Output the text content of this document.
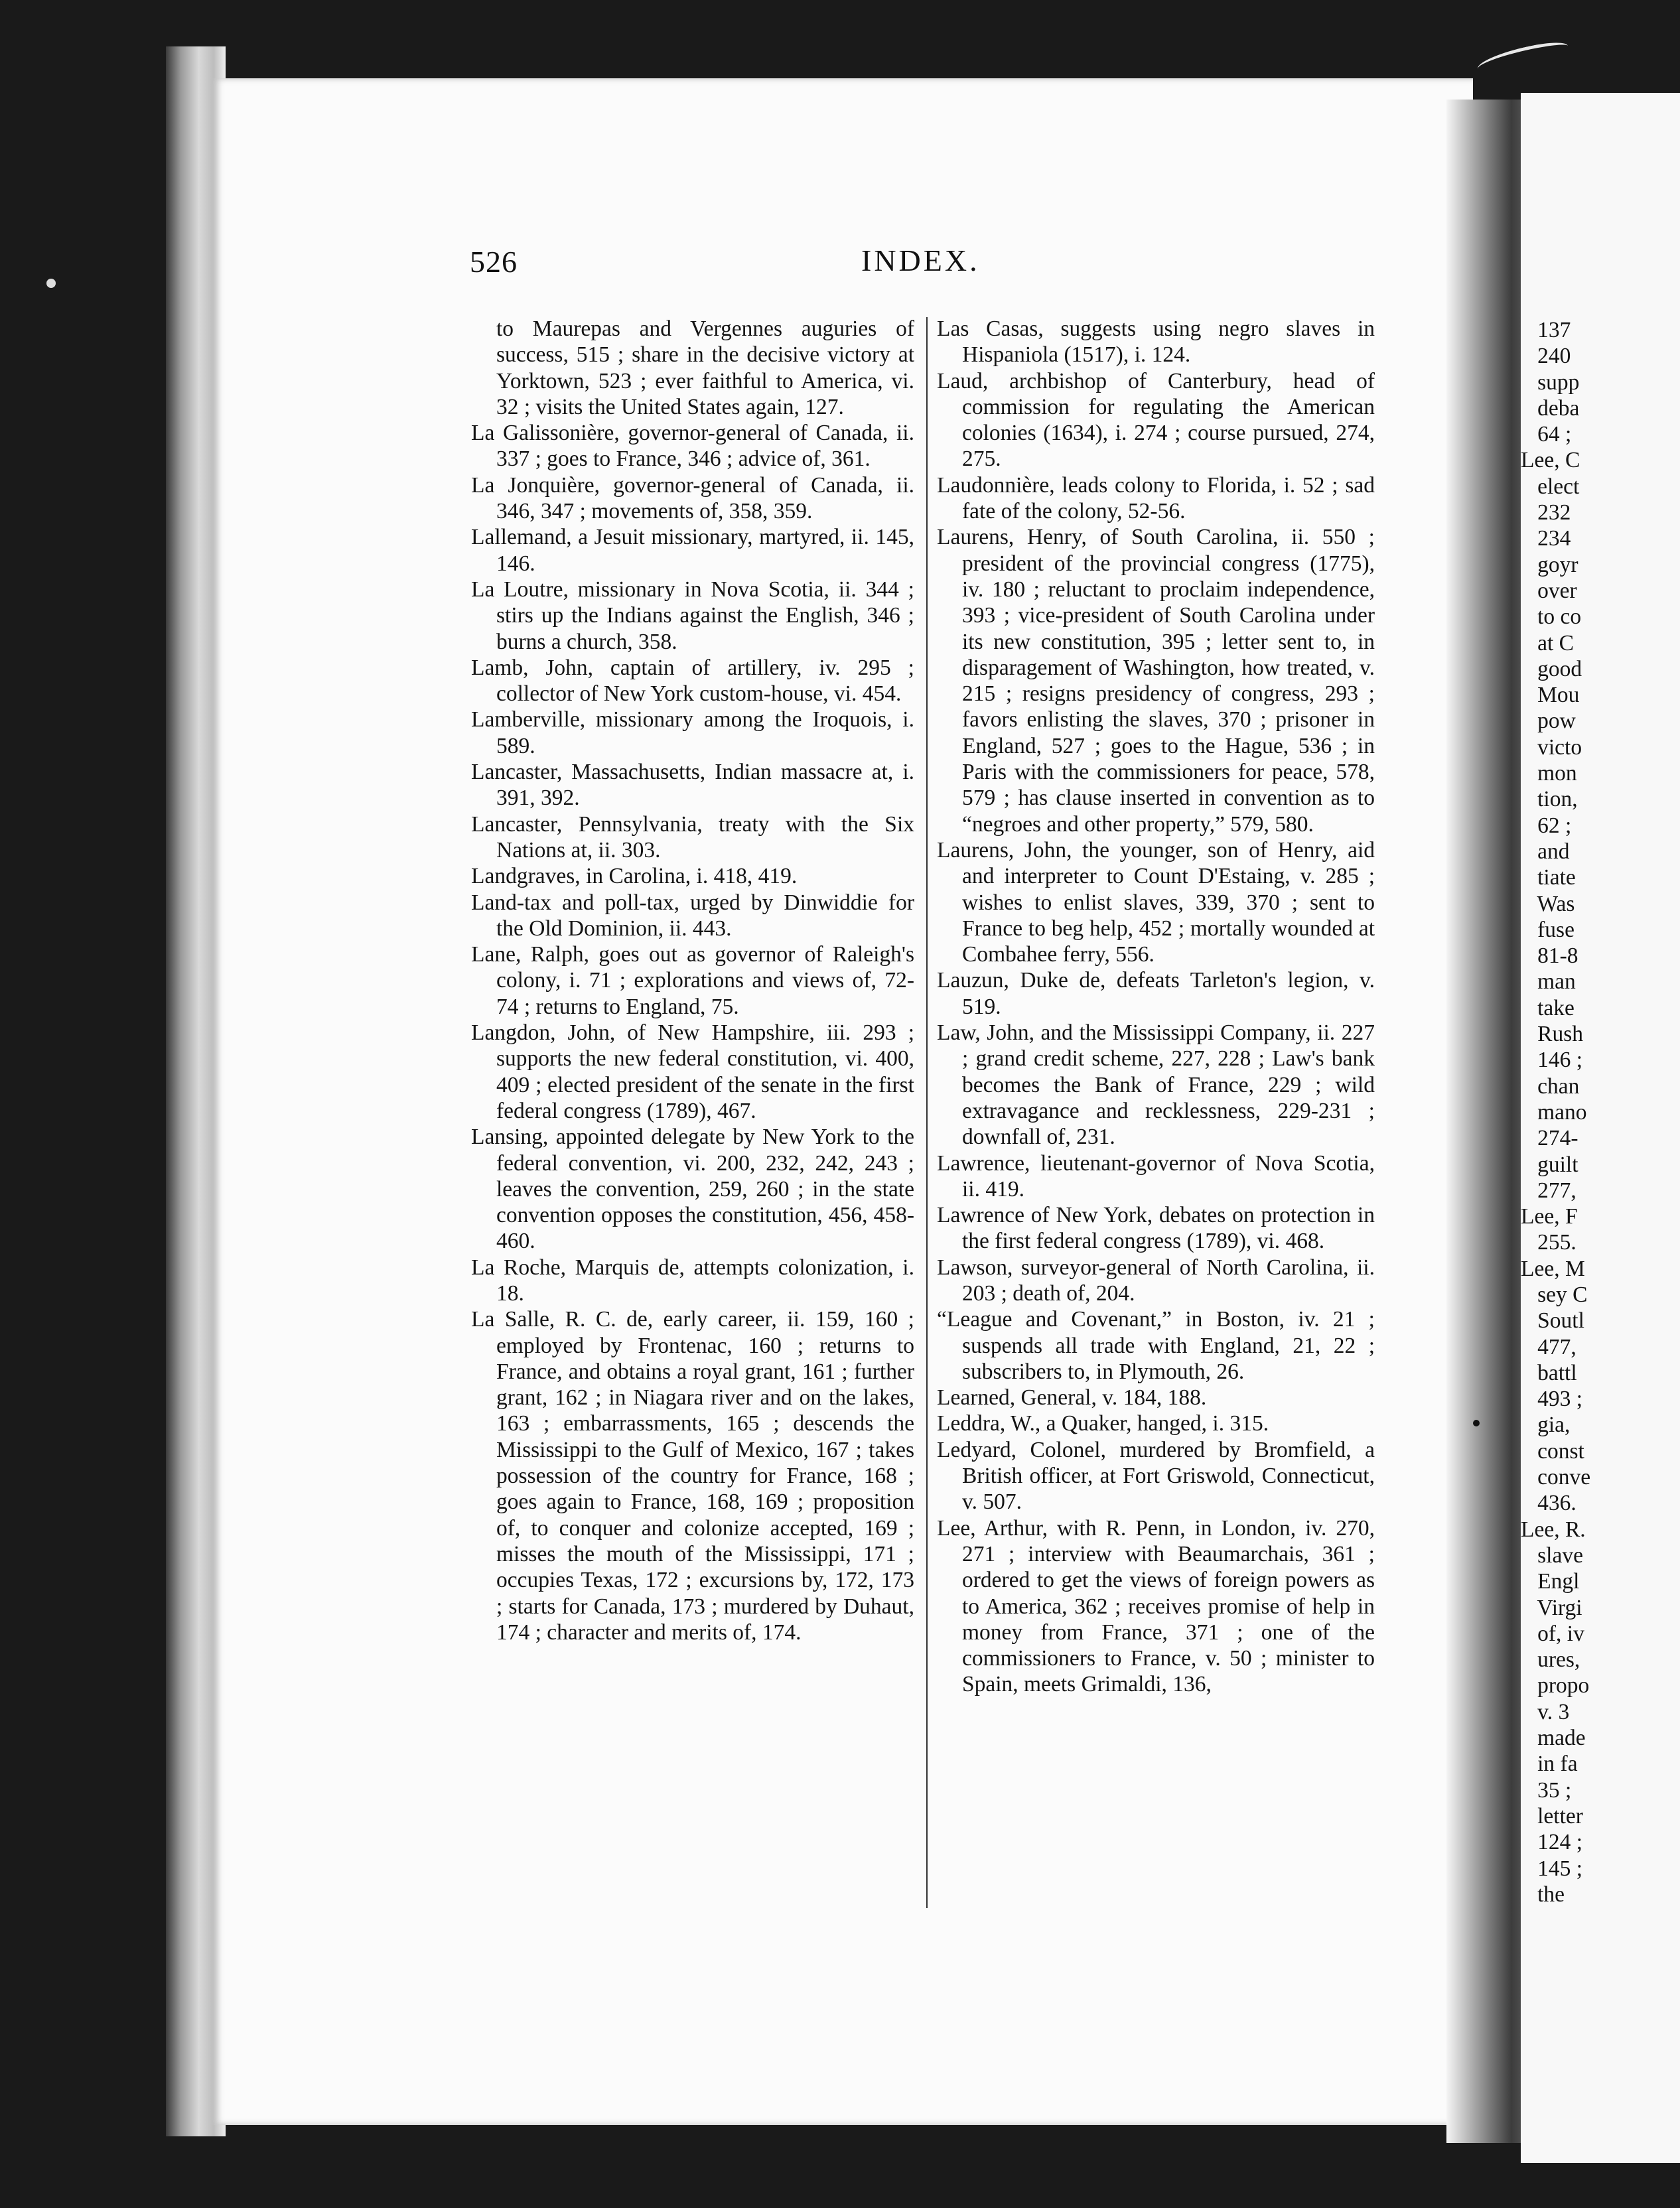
137
240
supp
deba
64 ;
Lee, C
elect
232
234
goyr
over
to co
at C
good
Mou
pow
victo
mon
tion,
62 ;
and
tiate
Was
fuse
81-8
man
take
Rush
146 ;
chan
mano
274-
guilt
277,
Lee, F
255.
Lee, M
sey C
Soutl
477,
battl
493 ;
gia,
const
conve
436.
Lee, R.
slave
Engl
Virgi
of, iv
ures,
propo
v. 3
made
in fa
35 ;
letter
124 ;
145 ;
the
526	INDEX.

to Maurepas and Vergennes auguries of success, 515 ; share in the decisive victory at Yorktown, 523 ; ever faithful to America, vi. 32 ; visits the United States again, 127.

La Galissonière, governor-general of Canada, ii. 337 ; goes to France, 346 ; advice of, 361.

La Jonquière, governor-general of Canada, ii. 346, 347 ; movements of, 358, 359.

Lallemand, a Jesuit missionary, martyred, ii. 145, 146.

La Loutre, missionary in Nova Scotia, ii. 344 ; stirs up the Indians against the English, 346 ; burns a church, 358.

Lamb, John, captain of artillery, iv. 295 ; collector of New York custom-house, vi. 454.

Lamberville, missionary among the Iroquois, i. 589.

Lancaster, Massachusetts, Indian massacre at, i. 391, 392.

Lancaster, Pennsylvania, treaty with the Six Nations at, ii. 303.

Landgraves, in Carolina, i. 418, 419.

Land-tax and poll-tax, urged by Dinwiddie for the Old Dominion, ii. 443.

Lane, Ralph, goes out as governor of Raleigh's colony, i. 71 ; explorations and views of, 72-74 ; returns to England, 75.

Langdon, John, of New Hampshire, iii. 293 ; supports the new federal constitution, vi. 400, 409 ; elected president of the senate in the first federal congress (1789), 467.

Lansing, appointed delegate by New York to the federal convention, vi. 200, 232, 242, 243 ; leaves the convention, 259, 260 ; in the state convention opposes the constitution, 456, 458-460.

La Roche, Marquis de, attempts colonization, i. 18.

La Salle, R. C. de, early career, ii. 159, 160 ; employed by Frontenac, 160 ; returns to France, and obtains a royal grant, 161 ; further grant, 162 ; in Niagara river and on the lakes, 163 ; embarrassments, 165 ; descends the Mississippi to the Gulf of Mexico, 167 ; takes possession of the country for France, 168 ; goes again to France, 168, 169 ; proposition of, to conquer and colonize accepted, 169 ; misses the mouth of the Mississippi, 171 ; occupies Texas, 172 ; excursions by, 172, 173 ; starts for Canada, 173 ; murdered by Duhaut, 174 ; character and merits of, 174.

Las Casas, suggests using negro slaves in Hispaniola (1517), i. 124.

Laud, archbishop of Canterbury, head of commission for regulating the American colonies (1634), i. 274 ; course pursued, 274, 275.

Laudonnière, leads colony to Florida, i. 52 ; sad fate of the colony, 52-56.

Laurens, Henry, of South Carolina, ii. 550 ; president of the provincial congress (1775), iv. 180 ; reluctant to proclaim independence, 393 ; vice-president of South Carolina under its new constitution, 395 ; letter sent to, in disparagement of Washington, how treated, v. 215 ; resigns presidency of congress, 293 ; favors enlisting the slaves, 370 ; prisoner in England, 527 ; goes to the Hague, 536 ; in Paris with the commissioners for peace, 578, 579 ; has clause inserted in convention as to “negroes and other property,” 579, 580.

Laurens, John, the younger, son of Henry, aid and interpreter to Count D'Estaing, v. 285 ; wishes to enlist slaves, 339, 370 ; sent to France to beg help, 452 ; mortally wounded at Combahee ferry, 556.

Lauzun, Duke de, defeats Tarleton's legion, v. 519.

Law, John, and the Mississippi Company, ii. 227 ; grand credit scheme, 227, 228 ; Law's bank becomes the Bank of France, 229 ; wild extravagance and recklessness, 229-231 ; downfall of, 231.

Lawrence, lieutenant-governor of Nova Scotia, ii. 419.

Lawrence of New York, debates on protection in the first federal congress (1789), vi. 468.

Lawson, surveyor-general of North Carolina, ii. 203 ; death of, 204.

“League and Covenant,” in Boston, iv. 21 ; suspends all trade with England, 21, 22 ; subscribers to, in Plymouth, 26.

Learned, General, v. 184, 188.

Leddra, W., a Quaker, hanged, i. 315.

Ledyard, Colonel, murdered by Bromfield, a British officer, at Fort Griswold, Connecticut, v. 507.

Lee, Arthur, with R. Penn, in London, iv. 270, 271 ; interview with Beaumarchais, 361 ; ordered to get the views of foreign powers as to America, 362 ; receives promise of help in money from France, 371 ; one of the commissioners to France, v. 50 ; minister to Spain, meets Grimaldi, 136,
